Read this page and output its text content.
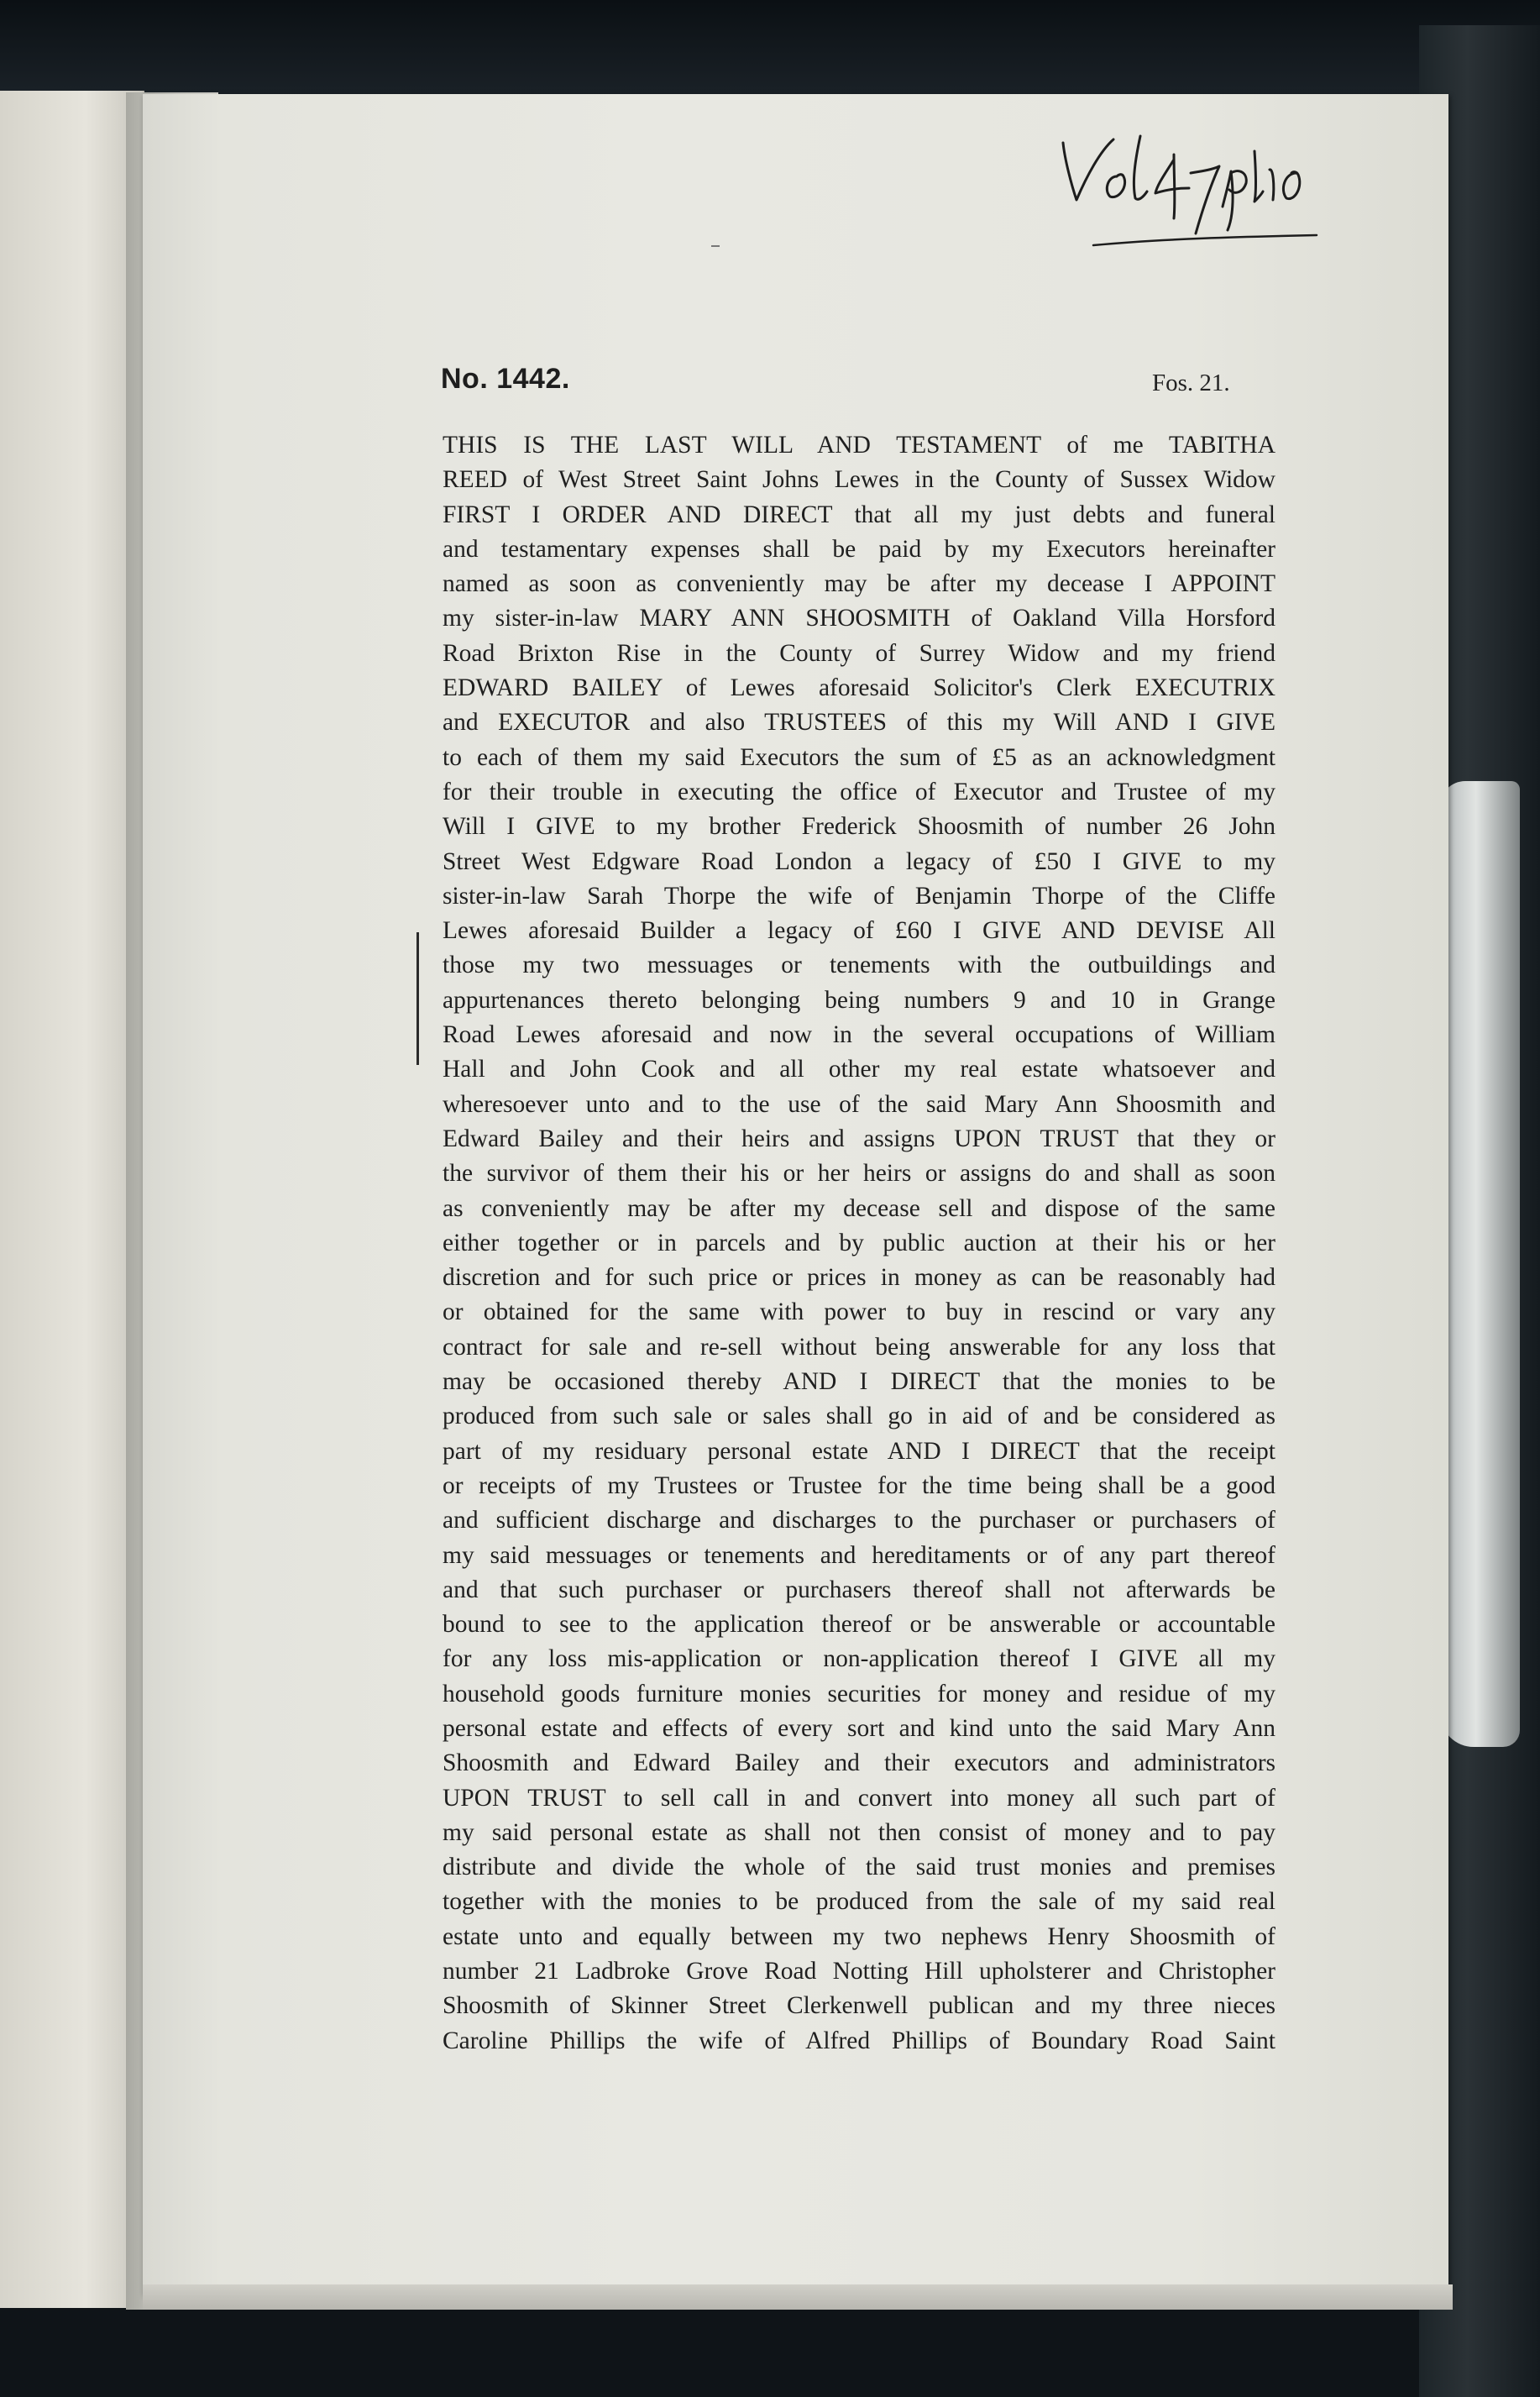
No. 1442.	Fos. 21.
THIS IS THE LAST WILL AND TESTAMENT of me TABITHA
REED of West Street Saint Johns Lewes in the County of Sussex Widow
FIRST I ORDER AND DIRECT that all my just debts and funeral
and testamentary expenses shall be paid by my Executors hereinafter
named as soon as conveniently may be after my decease I APPOINT
my sister-in-law MARY ANN SHOOSMITH of Oakland Villa Horsford
Road Brixton Rise in the County of Surrey Widow and my friend
EDWARD BAILEY of Lewes aforesaid Solicitor's Clerk EXECUTRIX
and EXECUTOR and also TRUSTEES of this my Will AND I GIVE
to each of them my said Executors the sum of £5 as an acknowledgment
for their trouble in executing the office of Executor and Trustee of my
Will I GIVE to my brother Frederick Shoosmith of number 26 John
Street West Edgware Road London a legacy of £50 I GIVE to my
sister-in-law Sarah Thorpe the wife of Benjamin Thorpe of the Cliffe
Lewes aforesaid Builder a legacy of £60 I GIVE AND DEVISE All
those my two messuages or tenements with the outbuildings and
appurtenances thereto belonging being numbers 9 and 10 in Grange
Road Lewes aforesaid and now in the several occupations of William
Hall and John Cook and all other my real estate whatsoever and
wheresoever unto and to the use of the said Mary Ann Shoosmith and
Edward Bailey and their heirs and assigns UPON TRUST that they or
the survivor of them their his or her heirs or assigns do and shall as soon
as conveniently may be after my decease sell and dispose of the same
either together or in parcels and by public auction at their his or her
discretion and for such price or prices in money as can be reasonably had
or obtained for the same with power to buy in rescind or vary any
contract for sale and re-sell without being answerable for any loss that
may be occasioned thereby AND I DIRECT that the monies to be
produced from such sale or sales shall go in aid of and be considered as
part of my residuary personal estate AND I DIRECT that the receipt
or receipts of my Trustees or Trustee for the time being shall be a good
and sufficient discharge and discharges to the purchaser or purchasers of
my said messuages or tenements and hereditaments or of any part thereof
and that such purchaser or purchasers thereof shall not afterwards be
bound to see to the application thereof or be answerable or accountable
for any loss mis-application or non-application thereof I GIVE all my
household goods furniture monies securities for money and residue of my
personal estate and effects of every sort and kind unto the said Mary Ann
Shoosmith and Edward Bailey and their executors and administrators
UPON TRUST to sell call in and convert into money all such part of
my said personal estate as shall not then consist of money and to pay
distribute and divide the whole of the said trust monies and premises
together with the monies to be produced from the sale of my said real
estate unto and equally between my two nephews Henry Shoosmith of
number 21 Ladbroke Grove Road Notting Hill upholsterer and Christopher
Shoosmith of Skinner Street Clerkenwell publican and my three nieces
Caroline Phillips the wife of Alfred Phillips of Boundary Road Saint
